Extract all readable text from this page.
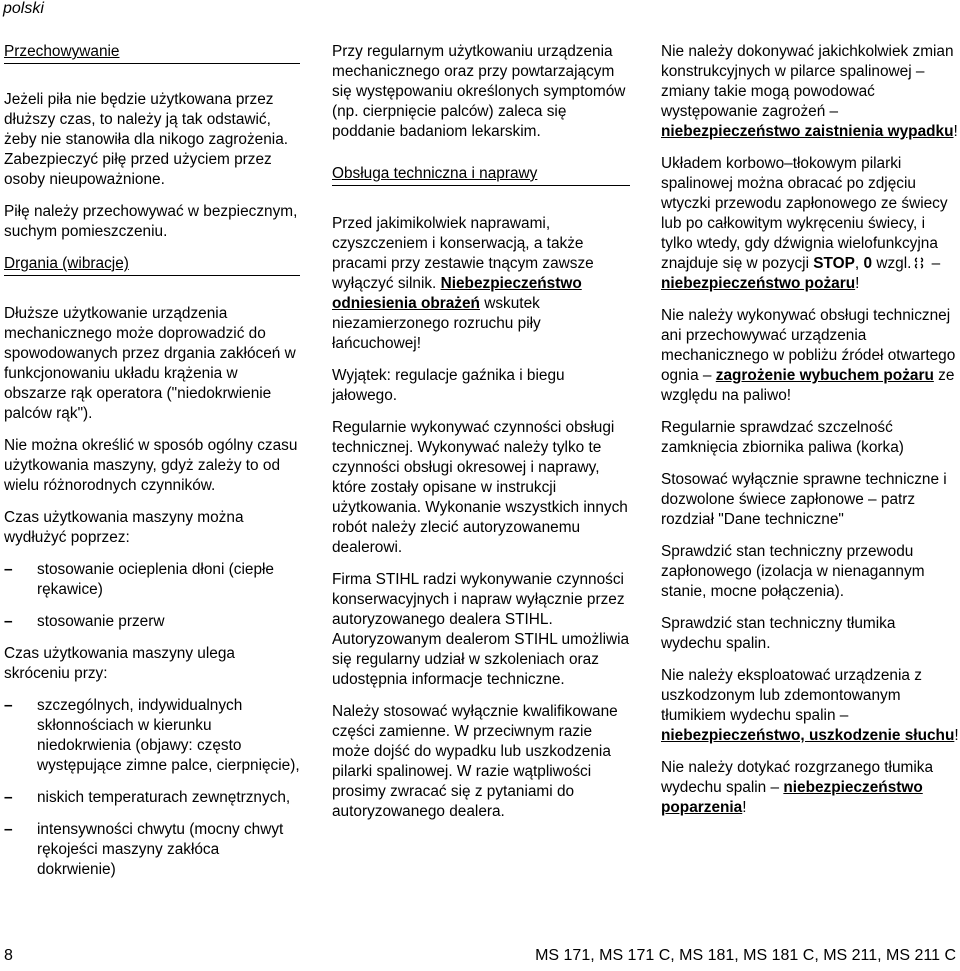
polski
Przechowywanie

Jeżeli piła nie będzie użytkowana przez dłuższy czas, to należy ją tak odstawić, żeby nie stanowiła dla nikogo zagrożenia. Zabezpieczyć piłę przed użyciem przez osoby nieupoważnione.

Piłę należy przechowywać w bezpiecznym, suchym pomieszczeniu.

Drgania (wibracje)

Dłuższe użytkowanie urządzenia mechanicznego może doprowadzić do spowodowanych przez drgania zakłóceń w funkcjonowaniu układu krążenia w obszarze rąk operatora ("niedokrwienie palców rąk").

Nie można określić w sposób ogólny czasu użytkowania maszyny, gdyż zależy to od wielu różnorodnych czynników.

Czas użytkowania maszyny można wydłużyć poprzez:

– stosowanie ocieplenia dłoni (ciepłe rękawice)
– stosowanie przerw

Czas użytkowania maszyny ulega skróceniu przy:

– szczególnych, indywidualnych skłonnościach w kierunku niedokrwienia (objawy: często występujące zimne palce, cierpnięcie),
– niskich temperaturach zewnętrznych,
– intensywności chwytu (mocny chwyt rękojeści maszyny zakłóca dokrwienie)

Przy regularnym użytkowaniu urządzenia mechanicznego oraz przy powtarzającym się występowaniu określonych symptomów (np. cierpnięcie palców) zaleca się poddanie badaniom lekarskim.

Obsługa techniczna i naprawy

Przed jakimikolwiek naprawami, czyszczeniem i konserwacją, a także pracami przy zestawie tnącym zawsze wyłączyć silnik. Niebezpieczeństwo odniesienia obrażeń wskutek niezamierzonego rozruchu piły łańcuchowej!

Wyjątek: regulacje gaźnika i biegu jałowego.

Regularnie wykonywać czynności obsługi technicznej. Wykonywać należy tylko te czynności obsługi okresowej i naprawy, które zostały opisane w instrukcji użytkowania. Wykonanie wszystkich innych robót należy zlecić autoryzowanemu dealerowi.

Firma STIHL radzi wykonywanie czynności konserwacyjnych i napraw wyłącznie przez autoryzowanego dealera STIHL. Autoryzowanym dealerom STIHL umożliwia się regularny udział w szkoleniach oraz udostępnia informacje techniczne.

Należy stosować wyłącznie kwalifikowane części zamienne. W przeciwnym razie może dojść do wypadku lub uszkodzenia pilarki spalinowej. W razie wątpliwości prosimy zwracać się z pytaniami do autoryzowanego dealera.

Nie należy dokonywać jakichkolwiek zmian konstrukcyjnych w pilarce spalinowej – zmiany takie mogą powodować występowanie zagrożeń – niebezpieczeństwo zaistnienia wypadku!

Układem korbowo–tłokowym pilarki spalinowej można obracać po zdjęciu wtyczki przewodu zapłonowego ze świecy lub po całkowitym wykręceniu świecy, i tylko wtedy, gdy dźwignia wielofunkcyjna znajduje się w pozycji STOP, 0 wzgl. – niebezpieczeństwo pożaru!

Nie należy wykonywać obsługi technicznej ani przechowywać urządzenia mechanicznego w pobliżu źródeł otwartego ognia – zagrożenie wybuchem pożaru ze względu na paliwo!

Regularnie sprawdzać szczelność zamknięcia zbiornika paliwa (korka)

Stosować wyłącznie sprawne techniczne i dozwolone świece zapłonowe – patrz rozdział "Dane techniczne"

Sprawdzić stan techniczny przewodu zapłonowego (izolacja w nienagannym stanie, mocne połączenia).

Sprawdzić stan techniczny tłumika wydechu spalin.

Nie należy eksploatować urządzenia z uszkodzonym lub zdemontowanym tłumikiem wydechu spalin – niebezpieczeństwo, uszkodzenie słuchu!

Nie należy dotykać rozgrzanego tłumika wydechu spalin – niebezpieczeństwo poparzenia!

8	MS 171, MS 171 C, MS 181, MS 181 C, MS 211, MS 211 C
